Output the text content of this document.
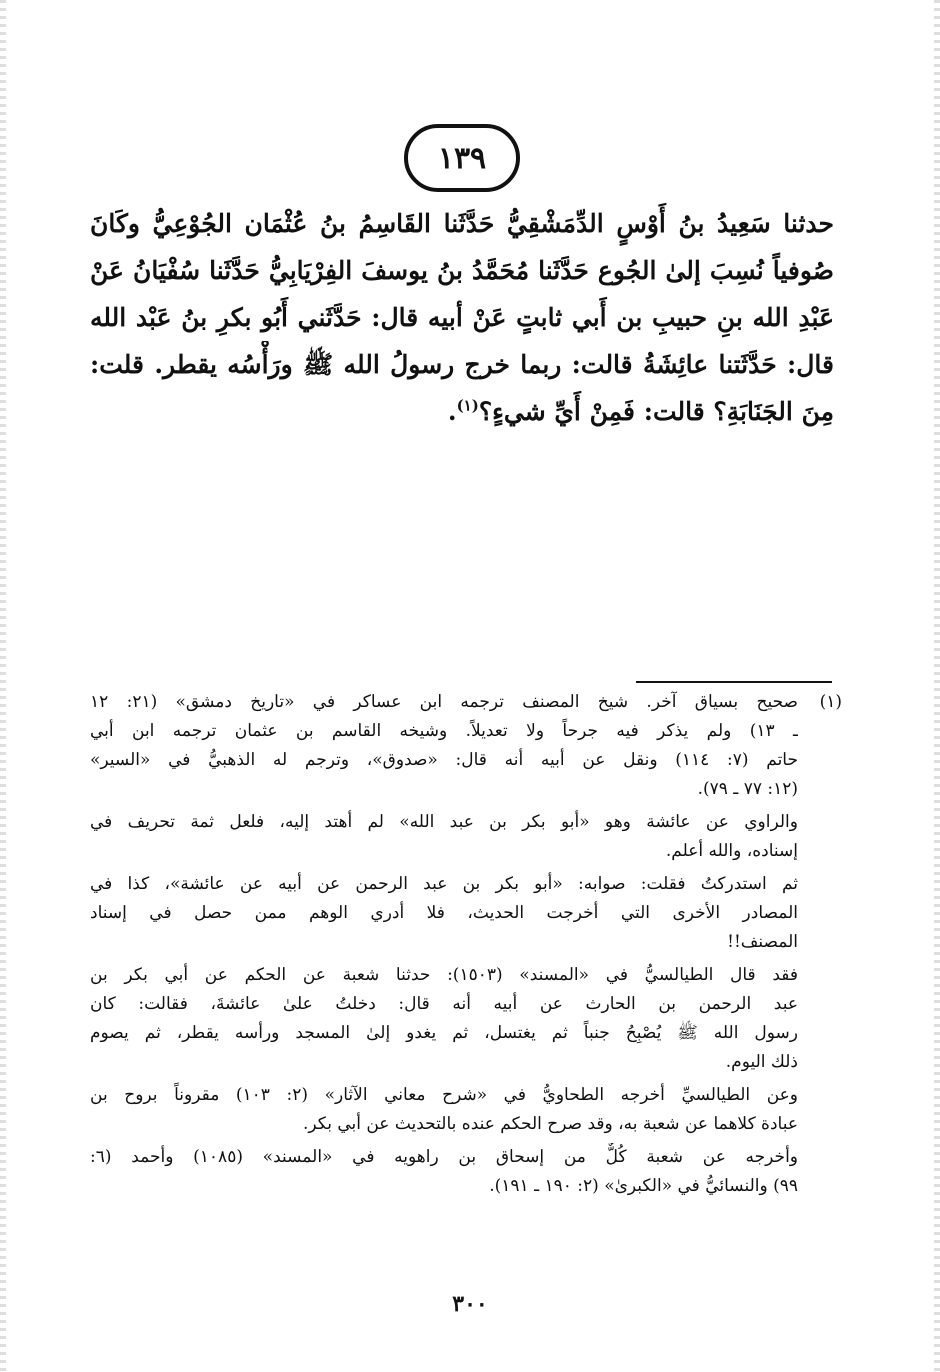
١٣٩
حدثنا سَعِيدُ بنُ أَوْسٍ الدِّمَشْقِيُّ حَدَّثَنا القَاسِمُ بنُ عُثْمَان الجُوْعِيُّ وكَانَ
صُوفياً نُسِبَ إلىٰ الجُوع حَدَّثَنا مُحَمَّدُ بنُ يوسفَ الفِرْيَابِيُّ حَدَّثَنا سُفْيَانُ عَنْ
عَبْدِ الله بنِ حبيبِ بن أَبي ثابتٍ عَنْ أبيه قال: حَدَّثَني أَبُو بكرِ بنُ عَبْد الله
قال: حَدَّثَتنا عائِشَةُ قالت: ربما خرج رسولُ الله ﷺ ورَأْسُه يقطر. قلت:
مِنَ الجَنَابَةِ؟ قالت: فَمِنْ أَيِّ شيءٍ؟$^{(١)}$.
(١)
صحيح بسياق آخر. شيخ المصنف ترجمه ابن عساكر في «تاريخ دمشق» (٢١: ١٢
ـ ١٣) ولم يذكر فيه جرحاً ولا تعديلاً. وشيخه القاسم بن عثمان ترجمه ابن أبي
حاتم (٧: ١١٤) ونقل عن أبيه أنه قال: «صدوق»، وترجم له الذهبيُّ في «السير»
(١٢: ٧٧ ـ ٧٩).
والراوي عن عائشة وهو «أبو بكر بن عبد الله» لم أهتد إليه، فلعل ثمة تحريف في
إسناده، والله أعلم.
ثم استدركتُ فقلت: صوابه: «أبو بكر بن عبد الرحمن عن أبيه عن عائشة»، كذا في
المصادر الأخرى التي أخرجت الحديث، فلا أدري الوهم ممن حصل في إسناد
المصنف!!
فقد قال الطيالسيُّ في «المسند» (١٥٠٣): حدثنا شعبة عن الحكم عن أبي بكر بن
عبد الرحمن بن الحارث عن أبيه أنه قال: دخلتُ علىٰ عائشةَ، فقالت: كان
رسول الله ﷺ يُصْبِحُ جنباً ثم يغتسل، ثم يغدو إلىٰ المسجد ورأسه يقطر، ثم يصوم
ذلك اليوم.
وعن الطيالسيِّ أخرجه الطحاويُّ في «شرح معاني الآثار» (٢: ١٠٣) مقروناً بروح بن
عبادة كلاهما عن شعبة به، وقد صرح الحكم عنده بالتحديث عن أبي بكر.
وأخرجه عن شعبة كُلٌّ من إسحاق بن راهويه في «المسند» (١٠٨٥) وأحمد (٦:
٩٩) والنسائيُّ في «الكبرىٰ» (٢: ١٩٠ ـ ١٩١).
٣٠٠
